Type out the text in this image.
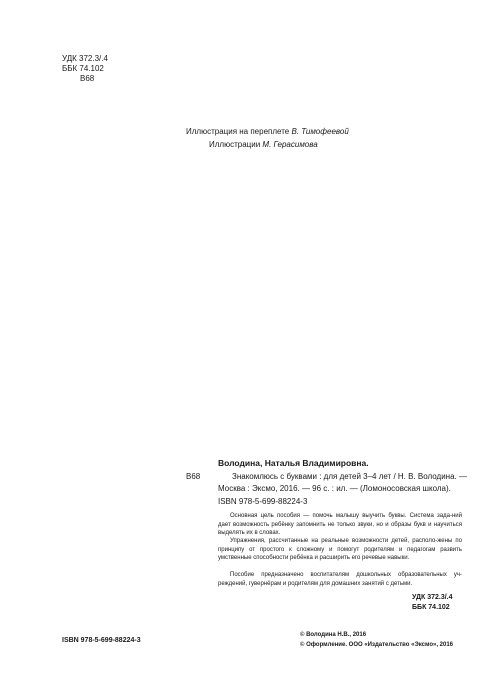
УДК 372.3/.4
ББК 74.102
В68
Иллюстрация на переплете В. Тимофеевой
Иллюстрации М. Герасимова
Володина, Наталья Владимировна.
В68	Знакомлюсь с буквами : для детей 3–4 лет / Н. В. Володина. —
Москва : Эксмо, 2016. — 96 с. : ил. — (Ломоносовская школа).
ISBN 978-5-699-88224-3

Основная цель пособия — помочь малышу выучить буквы. Система зада-ний дает возможность ребёнку запомнить не только звуки, но и образы букв и научиться выделять их в словах.

Упражнения, рассчитанные на реальные возможности детей, располо-жены по принципу от простого к сложному и помогут родителям и педагогам развить умственные способности ребёнка и расширить его речевые навыки.

Пособие предназначено воспитателям дошкольных образовательных уч-реждений, гувернёрам и родителям для домашних занятий с детьми.

УДК 372.3/.4
ББК 74.102
ISBN 978-5-699-88224-3
© Володина Н.В., 2016
© Оформление. ООО «Издательство «Эксмо», 2016
